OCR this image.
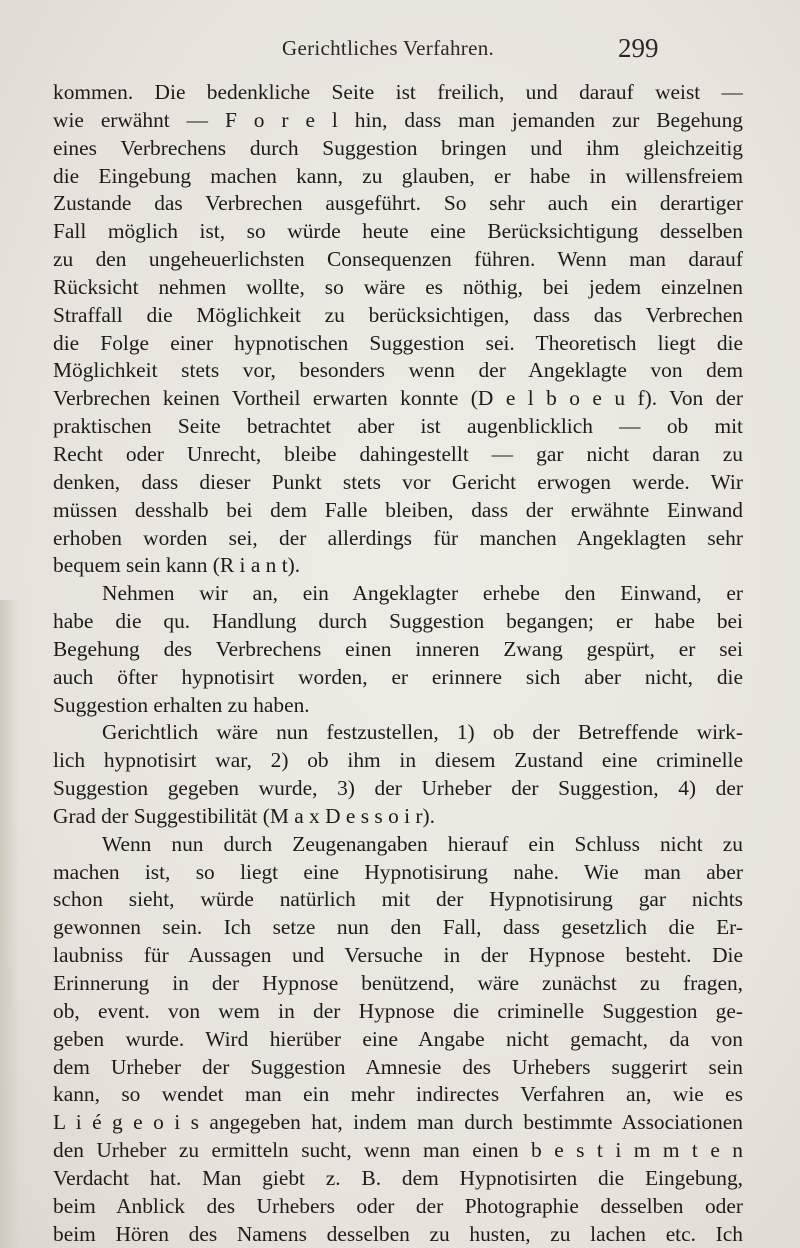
Gerichtliches Verfahren.	299
kommen. Die bedenkliche Seite ist freilich, und darauf weist —
wie erwähnt — F o r e l hin, dass man jemanden zur Begehung
eines Verbrechens durch Suggestion bringen und ihm gleichzeitig
die Eingebung machen kann, zu glauben, er habe in willensfreiem
Zustande das Verbrechen ausgeführt. So sehr auch ein derartiger
Fall möglich ist, so würde heute eine Berücksichtigung desselben
zu den ungeheuerlichsten Consequenzen führen. Wenn man darauf
Rücksicht nehmen wollte, so wäre es nöthig, bei jedem einzelnen
Straffall die Möglichkeit zu berücksichtigen, dass das Verbrechen
die Folge einer hypnotischen Suggestion sei. Theoretisch liegt die
Möglichkeit stets vor, besonders wenn der Angeklagte von dem
Verbrechen keinen Vortheil erwarten konnte (D e l b o e u f). Von der
praktischen Seite betrachtet aber ist augenblicklich — ob mit
Recht oder Unrecht, bleibe dahingestellt — gar nicht daran zu
denken, dass dieser Punkt stets vor Gericht erwogen werde. Wir
müssen desshalb bei dem Falle bleiben, dass der erwähnte Einwand
erhoben worden sei, der allerdings für manchen Angeklagten sehr
bequem sein kann (R i a n t).
Nehmen wir an, ein Angeklagter erhebe den Einwand, er
habe die qu. Handlung durch Suggestion begangen; er habe bei
Begehung des Verbrechens einen inneren Zwang gespürt, er sei
auch öfter hypnotisirt worden, er erinnere sich aber nicht, die
Suggestion erhalten zu haben.
Gerichtlich wäre nun festzustellen, 1) ob der Betreffende wirk-
lich hypnotisirt war, 2) ob ihm in diesem Zustand eine criminelle
Suggestion gegeben wurde, 3) der Urheber der Suggestion, 4) der
Grad der Suggestibilität (M a x D e s s o i r).
Wenn nun durch Zeugenangaben hierauf ein Schluss nicht zu
machen ist, so liegt eine Hypnotisirung nahe. Wie man aber
schon sieht, würde natürlich mit der Hypnotisirung gar nichts
gewonnen sein. Ich setze nun den Fall, dass gesetzlich die Er-
laubniss für Aussagen und Versuche in der Hypnose besteht. Die
Erinnerung in der Hypnose benützend, wäre zunächst zu fragen,
ob, event. von wem in der Hypnose die criminelle Suggestion ge-
geben wurde. Wird hierüber eine Angabe nicht gemacht, da von
dem Urheber der Suggestion Amnesie des Urhebers suggerirt sein
kann, so wendet man ein mehr indirectes Verfahren an, wie es
L i é g e o i s angegeben hat, indem man durch bestimmte Associationen
den Urheber zu ermitteln sucht, wenn man einen b e s t i m m t e n
Verdacht hat. Man giebt z. B. dem Hypnotisirten die Eingebung,
beim Anblick des Urhebers oder der Photographie desselben oder
beim Hören des Namens desselben zu husten, zu lachen etc. Ich
